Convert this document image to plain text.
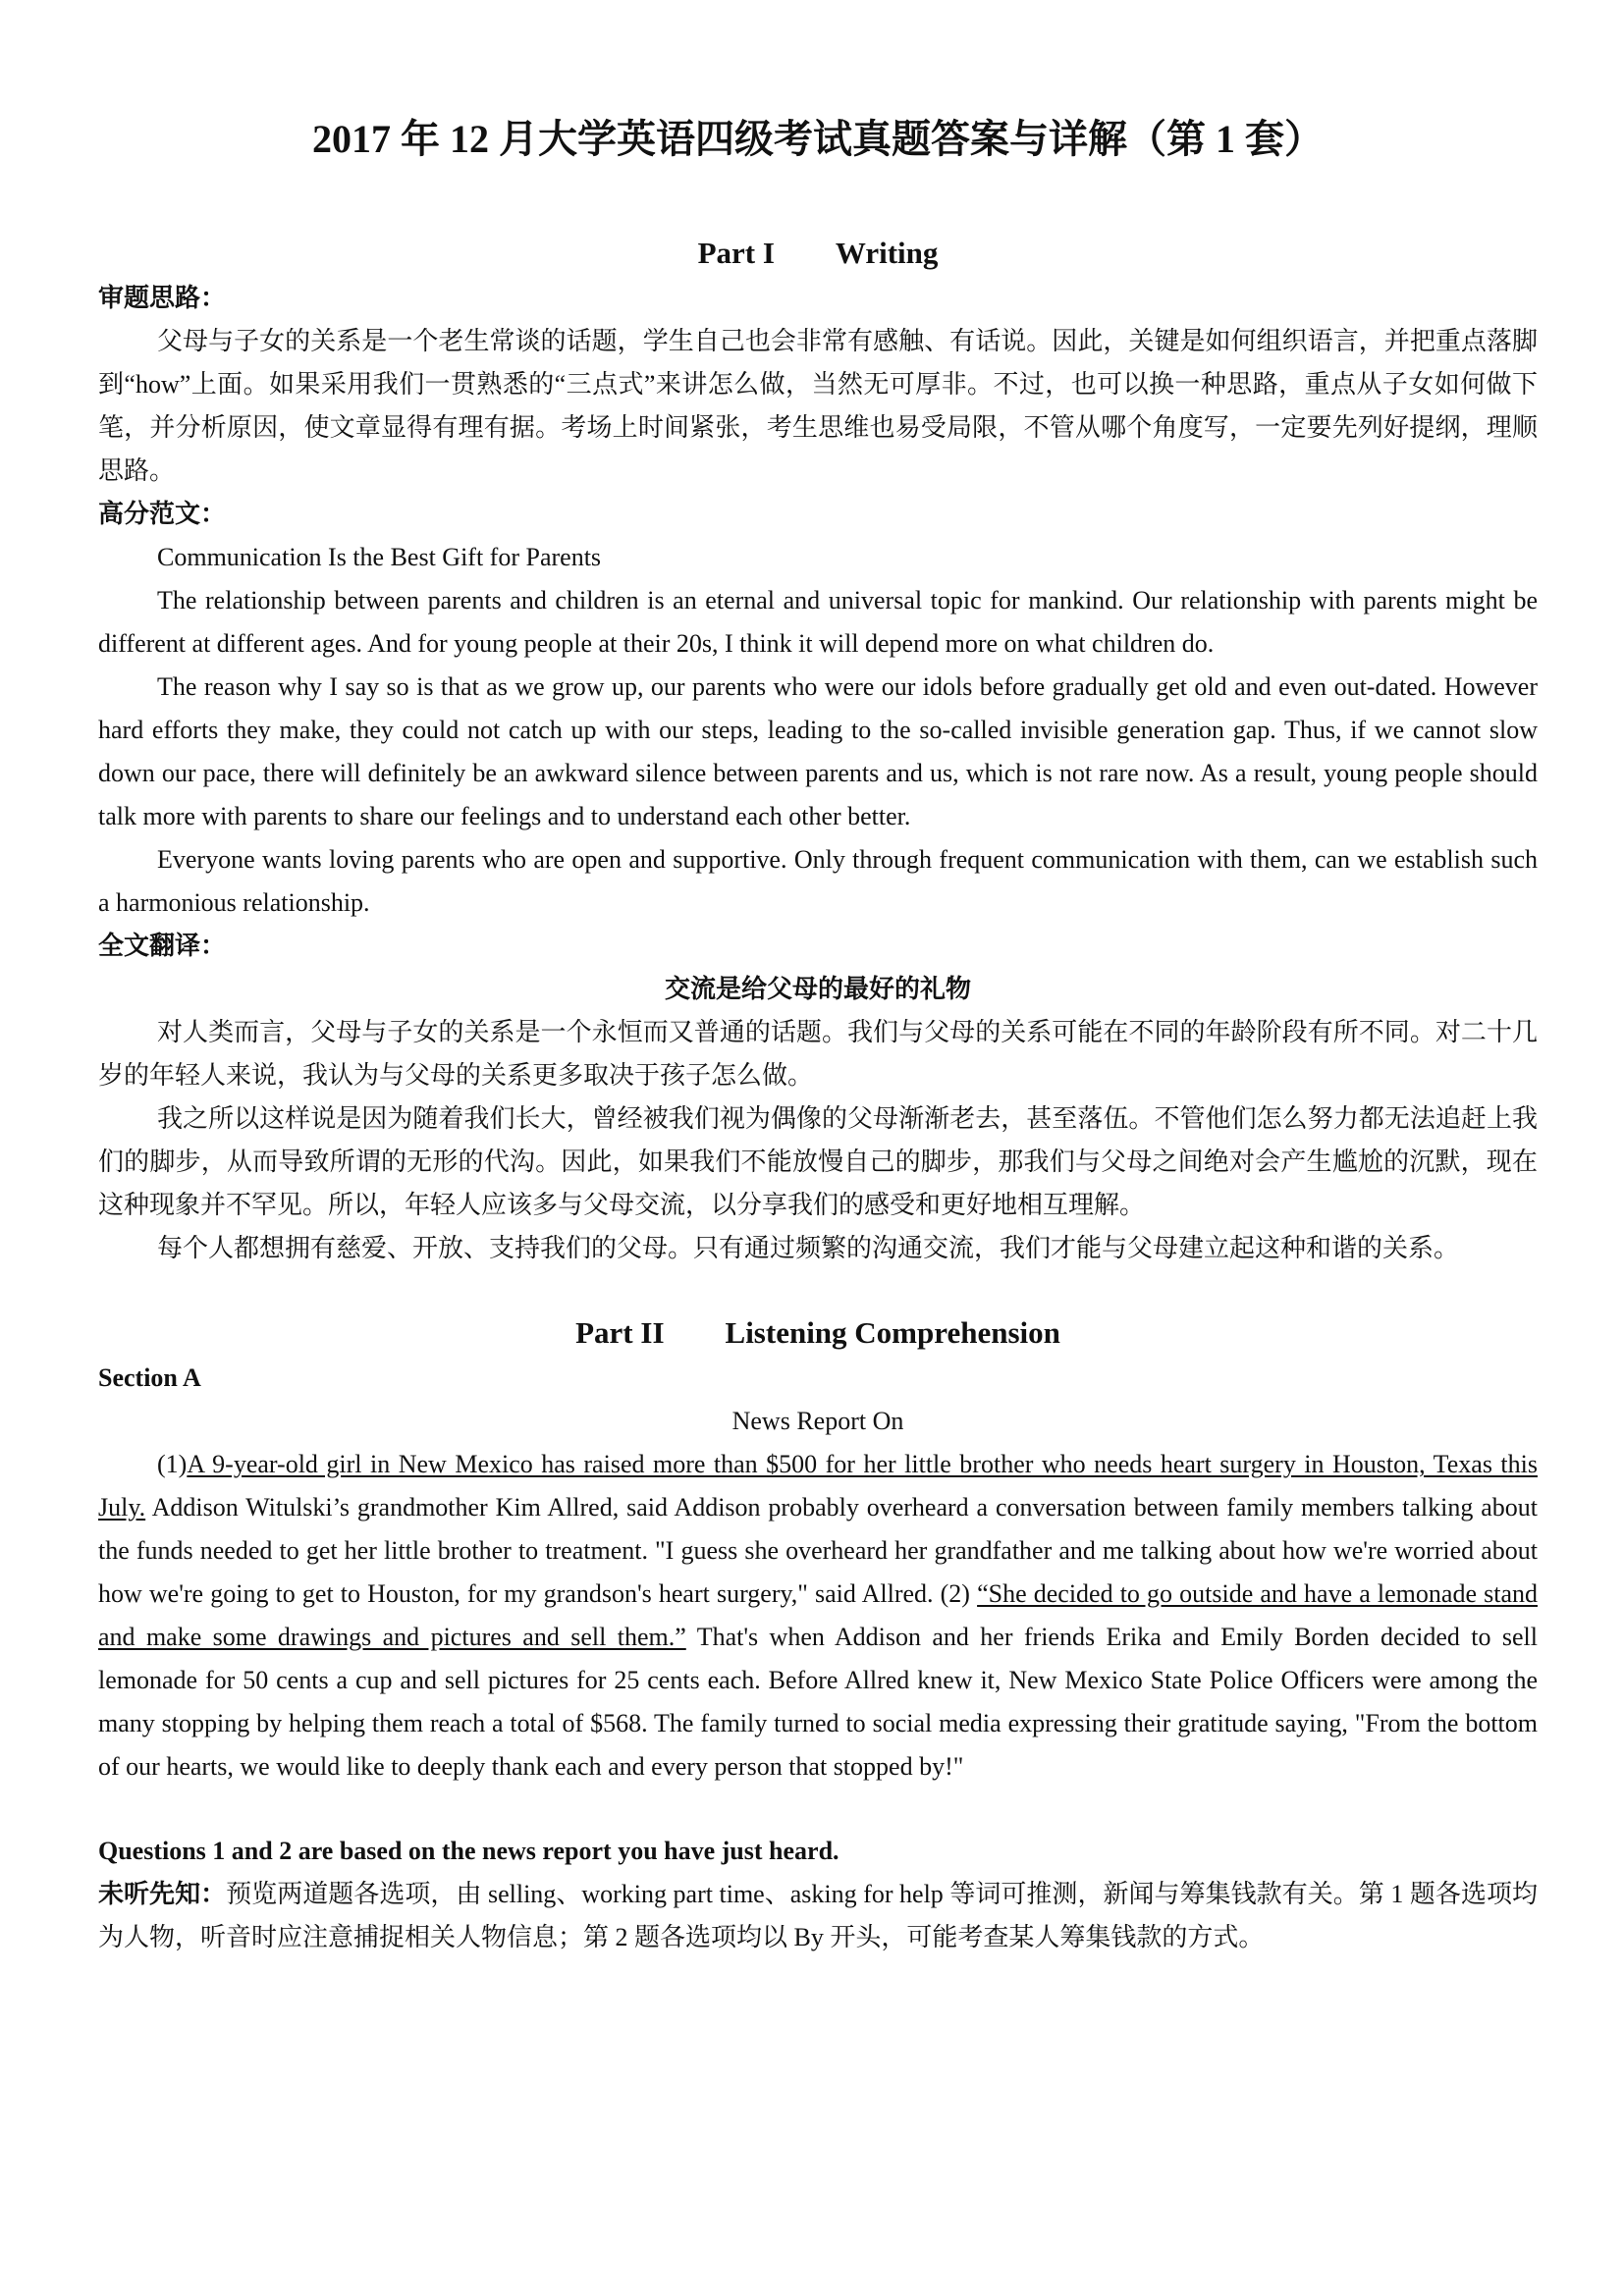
2017 年 12 月大学英语四级考试真题答案与详解（第 1 套）
Part I Writing

审题思路：

父母与子女的关系是一个老生常谈的话题，学生自己也会非常有感触、有话说。因此，关键是如何组织语言，并把重点落脚到“how”上面。如果采用我们一贯熟悉的“三点式”来讲怎么做，当然无可厚非。不过，也可以换一种思路，重点从子女如何做下笔，并分析原因，使文章显得有理有据。考场上时间紧张，考生思维也易受局限，不管从哪个角度写，一定要先列好提纲，理顺思路。

高分范文：

Communication Is the Best Gift for Parents

The relationship between parents and children is an eternal and universal topic for mankind. Our relationship with parents might be different at different ages. And for young people at their 20s, I think it will depend more on what children do.

The reason why I say so is that as we grow up, our parents who were our idols before gradually get old and even out-dated. However hard efforts they make, they could not catch up with our steps, leading to the so-called invisible generation gap. Thus, if we cannot slow down our pace, there will definitely be an awkward silence between parents and us, which is not rare now. As a result, young people should talk more with parents to share our feelings and to understand each other better.

Everyone wants loving parents who are open and supportive. Only through frequent communication with them, can we establish such a harmonious relationship.

全文翻译：

交流是给父母的最好的礼物

对人类而言，父母与子女的关系是一个永恒而又普通的话题。我们与父母的关系可能在不同的年龄阶段有所不同。对二十几岁的年轻人来说，我认为与父母的关系更多取决于孩子怎么做。

我之所以这样说是因为随着我们长大，曾经被我们视为偶像的父母渐渐老去，甚至落伍。不管他们怎么努力都无法追赶上我们的脚步，从而导致所谓的无形的代沟。因此，如果我们不能放慢自己的脚步，那我们与父母之间绝对会产生尴尬的沉默，现在这种现象并不罕见。所以，年轻人应该多与父母交流，以分享我们的感受和更好地相互理解。

每个人都想拥有慈爱、开放、支持我们的父母。只有通过频繁的沟通交流，我们才能与父母建立起这种和谐的关系。

Part II Listening Comprehension

Section A

News Report On

(1)A 9-year-old girl in New Mexico has raised more than $500 for her little brother who needs heart surgery in Houston, Texas this July. Addison Witulski’s grandmother Kim Allred, said Addison probably overheard a conversation between family members talking about the funds needed to get her little brother to treatment. "I guess she overheard her grandfather and me talking about how we're worried about how we're going to get to Houston, for my grandson's heart surgery," said Allred. (2) “She decided to go outside and have a lemonade stand and make some drawings and pictures and sell them.” That's when Addison and her friends Erika and Emily Borden decided to sell lemonade for 50 cents a cup and sell pictures for 25 cents each. Before Allred knew it, New Mexico State Police Officers were among the many stopping by helping them reach a total of $568. The family turned to social media expressing their gratitude saying, "From the bottom of our hearts, we would like to deeply thank each and every person that stopped by!"

Questions 1 and 2 are based on the news report you have just heard.

未听先知：预览两道题各选项，由 selling、working part time、asking for help 等词可推测，新闻与筹集钱款有关。第 1 题各选项均为人物，听音时应注意捕捉相关人物信息；第 2 题各选项均以 By 开头，可能考查某人筹集钱款的方式。
